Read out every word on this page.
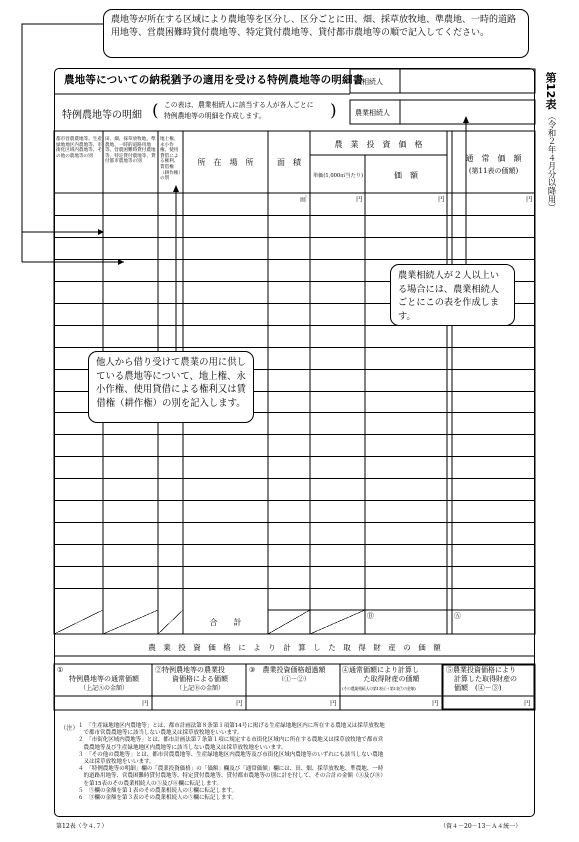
農地等についての納税猶予の適用を受ける特例農地等の明細書
被相続人
農業相続人
特例農地等の明細 ( この表は、農業相続人に該当する人が各人ごとに
特例農地等の明細を作成します。	)
第12表
（令和２年４月分以降用）
都市営農農地等、生産緑地地区内農地等、市街化区域内農地等、その他の農地等の別
田、畑、採草放牧地、準農地、一時的道路用地等、営農困難時貸付農地等、特定貸付農地等、貸付都市農地等の別
地上権、永小作権、使用貸借による権利、賃借権（耕作権）の別
所　在　場　所	面　積
農　業　投　資　価　格
単価(1,000㎡当たり)	価　額
通　常　価　額
(第11表の価額)
㎡	円	円	円
合　　計
Ⓑ	Ⓐ
農　業　投　資　価　格　に　よ　り　計　算　し　た　取　得　財　産　の　価　額
①
特例農地等の通常価額
（上記Ⓐの金額）
②特例農地等の農業投
資価格による価額
（上記Ⓑの金額）
③	農業投資価格超過額
（①－②）
④通常価額により計算し
た取得財産の価額
(その農業相続人の第1表⑥＋第1表⑦の金額)
⑤農業投資価格により
計算した取得財産の
価額　(④－③)
円	円	円	円	円
（注） １　「生産緑地地区内農地等」とは、都市計画法第８条第１項第14号に掲げる生産緑地地区内に所在する農地又は採草放牧地
　で都市営農農地等に該当しない農地又は採草放牧地をいいます。
２　「市街化区域内農地等」とは、都市計画法第７条第１項に規定する市街化区域内に所在する農地又は採草放牧地で都市営
　農農地等及び生産緑地地区内農地等に該当しない農地又は採草放牧地をいいます。
３　「その他の農地等」とは、都市営農農地等、生産緑地地区内農地等及び市街化区域内農地等のいずれにも該当しない農地
　又は採草放牧地をいいます。
４　「特例農地等の明細」欄の「農業投資価格」の「価額」欄及び「通常価額」欄には、田、畑、採草放牧地、準農地、一時
　的道路用地等、営農困難時貸付農地等、特定貸付農地等、貸付都市農地等の別に計を付して、その合計の金額（Ⓐ及びⒷ）
　を第15表のその農業相続人の⑤及び⑥欄に転記します。
５　⑤欄の金額を第１表のその農業相続人の①欄に転記します。
６　③欄の金額を第３表のその農業相続人の⑤欄に転記します。
第12表（令４.７）	（資４－20－13－Ａ４統一）
農地等が所在する区域により農地等を区分し、区分ごとに田、畑、採草放牧地、準農地、一時的道路用地等、営農困難時貸付農地等、特定貸付農地等、貸付都市農地等の順で記入してください。
他人から借り受けて農業の用に供している農地等について、地上権、永小作権、使用貸借による権利又は賃借権（耕作権）の別を記入します。
農業相続人が２人以上いる場合には、農業相続人ごとにこの表を作成します。
